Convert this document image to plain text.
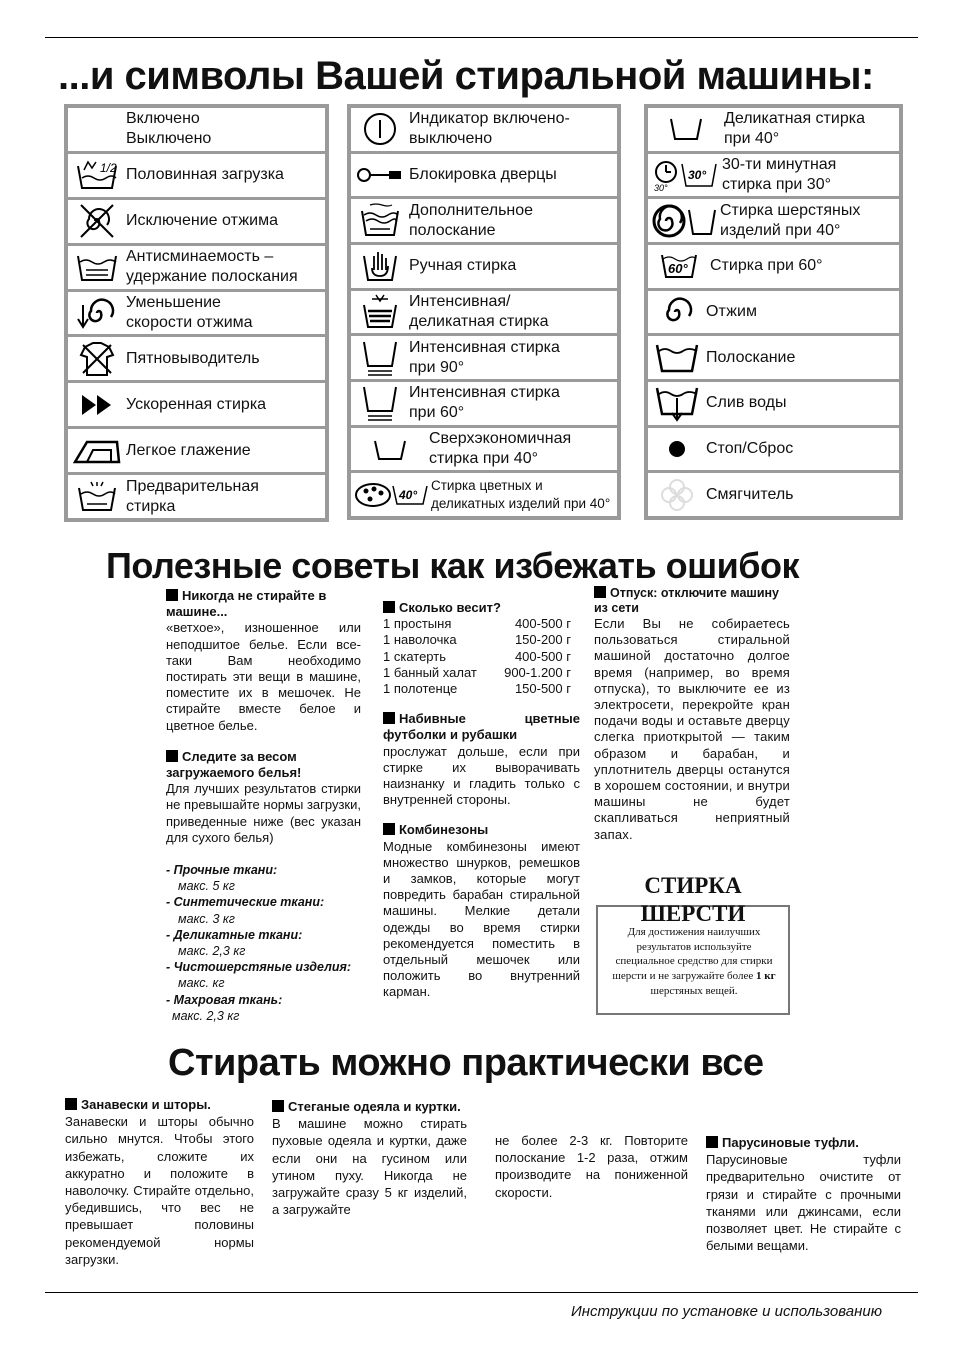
...и символы Вашей стиральной машины:
Включено
Выключено
1/2 Половинная загрузка
Исключение отжима
Антисминаемость –
удержание полоскания
Уменьшение
скорости отжима
Пятновыводитель
Ускоренная стирка
Легкое глажение
Предварительная
стирка
Индикатор включено-
выключено
Блокировка дверцы
Дополнительное
полоскание
Ручная стирка
Интенсивная/
деликатная стирка
Интенсивная стирка
при 90°
Интенсивная стирка
при 60°
Сверхэкономичная
стирка при 40°
40°
Стирка цветных и
деликатных изделий при 40°
Деликатная стирка
при 40°
30°
30°
30-ти минутная
стирка при 30°
Стирка шерстяных
изделий при 40°
60° Стирка при 60°
Отжим
Полоскание
Слив воды
Стоп/Сброс
Смягчитель
Полезные советы как избежать ошибок
Никогда не стирайте в машине...
«ветхое», изношенное или неподшитое белье. Если все-таки Вам необходимо постирать эти вещи в машине, поместите их в мешочек. Не стирайте вместе белое и цветное белье.
Следите за весом загружаемого белья!
Для лучших результатов стирки не превышайте нормы загрузки, приведенные ниже (вес указан для сухого белья)
- Прочные ткани:
макс. 5 кг
- Синтетические ткани:
макс. 3 кг
- Деликатные ткани:
макс. 2,3 кг
- Чистошерстяные изделия:
макс. кг
- Махровая ткань:
макс. 2,3 кг
Сколько весит?
1 простыня	400-500 г
1 наволочка	150-200 г
1 скатерть	400-500 г
1 банный халат 900-1.200 г
1 полотенце	150-500 г
Набивные цветные футболки и рубашки
прослужат дольше, если при стирке их выворачивать наизнанку и гладить только с внутренней стороны.
Комбинезоны
Модные комбинезоны имеют множество шнурков, ремешков и замков, которые могут повредить барабан стиральной машины. Мелкие детали одежды во время стирки рекомендуется поместить в отдельный мешочек или положить во внутренний карман.
Отпуск: отключите машину из сети
Если Вы не собираетесь пользоваться стиральной машиной достаточно долгое время (например, во время отпуска), то выключите ее из электросети, перекройте кран подачи воды и оставьте дверцу слегка приоткрытой — таким образом и барабан, и уплотнитель дверцы останутся в хорошем состоянии, и внутри машины не будет скапливаться неприятный запах.
СТИРКА ШЕРСТИ
Для достижения наилучших результатов используйте специальное средство для стирки шерсти и не загружайте более 1 кг шерстяных вещей.
Стирать можно практически все
Занавески и шторы.
Занавески и шторы обычно сильно мнутся. Чтобы этого избежать, сложите их аккуратно и положите в наволочку. Стирайте отдельно, убедившись, что вес не превышает половины рекомендуемой нормы загрузки.
Стеганые одеяла и куртки.
В машине можно стирать пуховые одеяла и куртки, даже если они на гусином или утином пуху. Никогда не загружайте сразу 5 кг изделий, а загружайте
не более 2-3 кг. Повторите полоскание 1-2 раза, отжим производите на пониженной скорости.
Парусиновые туфли.
Парусиновые туфли предварительно очистите от грязи и стирайте с прочными тканями или джинсами, если позволяет цвет. Не стирайте с белыми вещами.
Инструкции по установке и использованию
